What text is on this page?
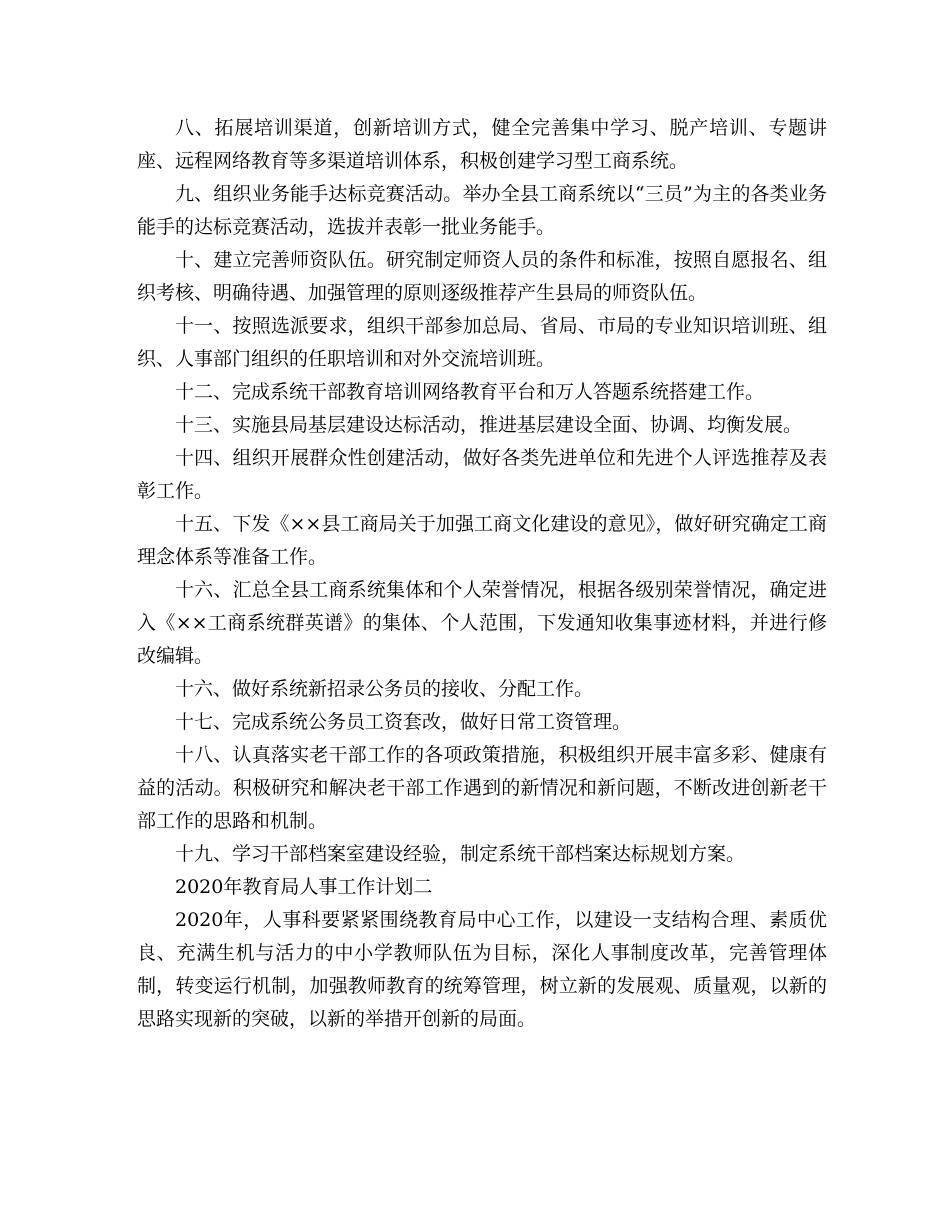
八、拓展培训渠道，创新培训方式，健全完善集中学习、脱产培训、专题讲座、远程网络教育等多渠道培训体系，积极创建学习型工商系统。

九、组织业务能手达标竞赛活动。举办全县工商系统以“三员”为主的各类业务能手的达标竞赛活动，选拔并表彰一批业务能手。

十、建立完善师资队伍。研究制定师资人员的条件和标准，按照自愿报名、组织考核、明确待遇、加强管理的原则逐级推荐产生县局的师资队伍。

十一、按照选派要求，组织干部参加总局、省局、市局的专业知识培训班、组织、人事部门组织的任职培训和对外交流培训班。

十二、完成系统干部教育培训网络教育平台和万人答题系统搭建工作。

十三、实施县局基层建设达标活动，推进基层建设全面、协调、均衡发展。

十四、组织开展群众性创建活动，做好各类先进单位和先进个人评选推荐及表彰工作。

十五、下发《××县工商局关于加强工商文化建设的意见》，做好研究确定工商理念体系等准备工作。

十六、汇总全县工商系统集体和个人荣誉情况，根据各级别荣誉情况，确定进入《××工商系统群英谱》的集体、个人范围，下发通知收集事迹材料，并进行修改编辑。

十六、做好系统新招录公务员的接收、分配工作。

十七、完成系统公务员工资套改，做好日常工资管理。

十八、认真落实老干部工作的各项政策措施，积极组织开展丰富多彩、健康有益的活动。积极研究和解决老干部工作遇到的新情况和新问题，不断改进创新老干部工作的思路和机制。

十九、学习干部档案室建设经验，制定系统干部档案达标规划方案。

2020年教育局人事工作计划二

2020年，人事科要紧紧围绕教育局中心工作，以建设一支结构合理、素质优良、充满生机与活力的中小学教师队伍为目标，深化人事制度改革，完善管理体制，转变运行机制，加强教师教育的统筹管理，树立新的发展观、质量观，以新的思路实现新的突破，以新的举措开创新的局面。
